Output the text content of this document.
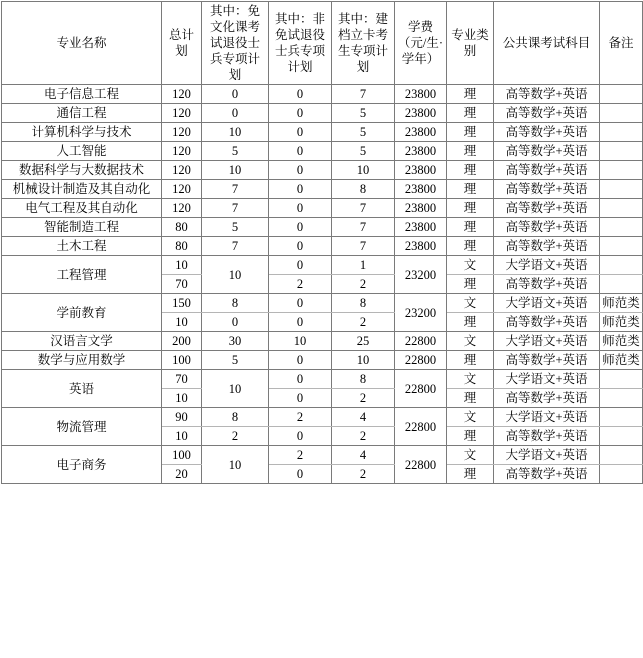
专业名称	总计划	其中：免文化课考试退役士兵专项计划	其中：非免试退役士兵专项计划	其中：建档立卡考生专项计划	学费（元/生·学年）	专业类别	公共课考试科目	备注
电子信息工程	120	0	0	7	23800	理	高等数学+英语	
通信工程	120	0	0	5	23800	理	高等数学+英语	
计算机科学与技术	120	10	0	5	23800	理	高等数学+英语	
人工智能	120	5	0	5	23800	理	高等数学+英语	
数据科学与大数据技术	120	10	0	10	23800	理	高等数学+英语	
机械设计制造及其自动化	120	7	0	8	23800	理	高等数学+英语	
电气工程及其自动化	120	7	0	7	23800	理	高等数学+英语	
智能制造工程	80	5	0	7	23800	理	高等数学+英语	
土木工程	80	7	0	7	23800	理	高等数学+英语	
工程管理	10	10	0	1	23200	文	大学语文+英语	
	70		2	2		理	高等数学+英语	
学前教育	150	8	0	8	23200	文	大学语文+英语	师范类
	10	0	0	2		理	高等数学+英语	师范类
汉语言文学	200	30	10	25	22800	文	大学语文+英语	师范类
数学与应用数学	100	5	0	10	22800	理	高等数学+英语	师范类
英语	70	10	0	8	22800	文	大学语文+英语	
	10		0	2		理	高等数学+英语	
物流管理	90	8	2	4	22800	文	大学语文+英语	
	10	2	0	2		理	高等数学+英语	
电子商务	100	10	2	4	22800	文	大学语文+英语	
	20		0	2		理	高等数学+英语	
